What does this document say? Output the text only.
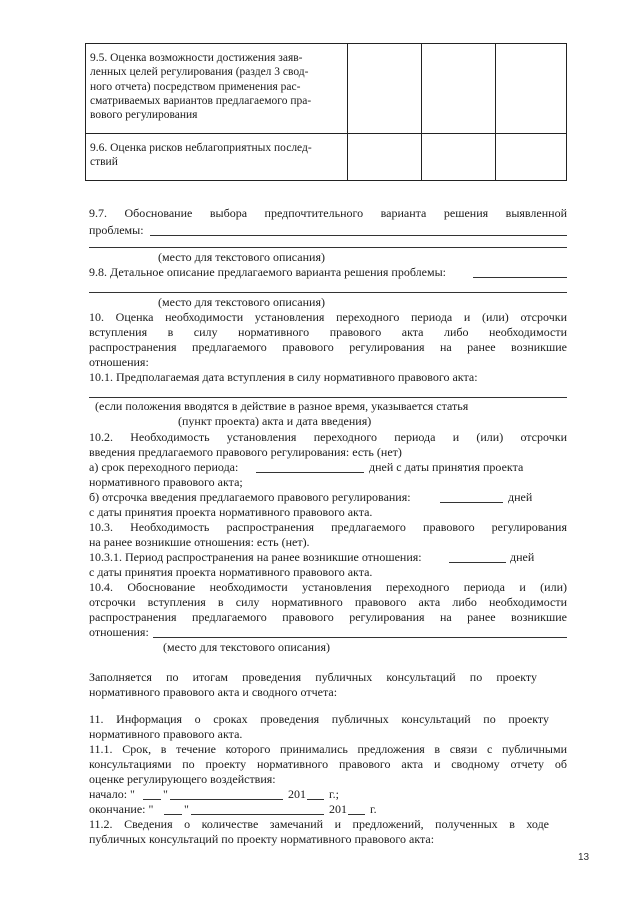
9.5. Оценка возможности достижения заяв-
ленных целей регулирования (раздел 3 свод-
ного отчета) посредством применения рас-
сматриваемых вариантов предлагаемого пра-
вового регулирования
9.6. Оценка рисков неблагоприятных послед-
ствий
9.7. Обоснование выбора предпочтительного варианта решения выявленной
проблемы:
(место для текстового описания)
9.8. Детальное описание предлагаемого варианта решения проблемы:
(место для текстового описания)
10. Оценка необходимости установления переходного периода и (или) отсрочки
вступления в силу нормативного правового акта либо необходимости
распространения предлагаемого правового регулирования на ранее возникшие
отношения:
10.1. Предполагаемая дата вступления в силу нормативного правового акта:
(если положения вводятся в действие в разное время, указывается статья
(пункт проекта) акта и дата введения)
10.2. Необходимость установления переходного периода и (или) отсрочки
введения предлагаемого правового регулирования: есть (нет)
а) срок переходного периода:	дней с даты принятия проекта
нормативного правового акта;
б) отсрочка введения предлагаемого правового регулирования:	дней
с даты принятия проекта нормативного правового акта.
10.3. Необходимость распространения предлагаемого правового регулирования
на ранее возникшие отношения: есть (нет).
10.3.1. Период распространения на ранее возникшие отношения:	дней
с даты принятия проекта нормативного правового акта.
10.4. Обоснование необходимости установления переходного периода и (или)
отсрочки вступления в силу нормативного правового акта либо необходимости
распространения предлагаемого правового регулирования на ранее возникшие
отношения:
(место для текстового описания)
Заполняется по итогам проведения публичных консультаций по проекту
нормативного правового акта и сводного отчета:
11. Информация о сроках проведения публичных консультаций по проекту
нормативного правового акта.
11.1. Срок, в течение которого принимались предложения в связи с публичными
консультациями по проекту нормативного правового акта и сводному отчету об
оценке регулирующего воздействия:
начало: " "	201 г.;
окончание: "	"	201 г.
11.2. Сведения о количестве замечаний и предложений, полученных в ходе
публичных консультаций по проекту нормативного правового акта:
13
